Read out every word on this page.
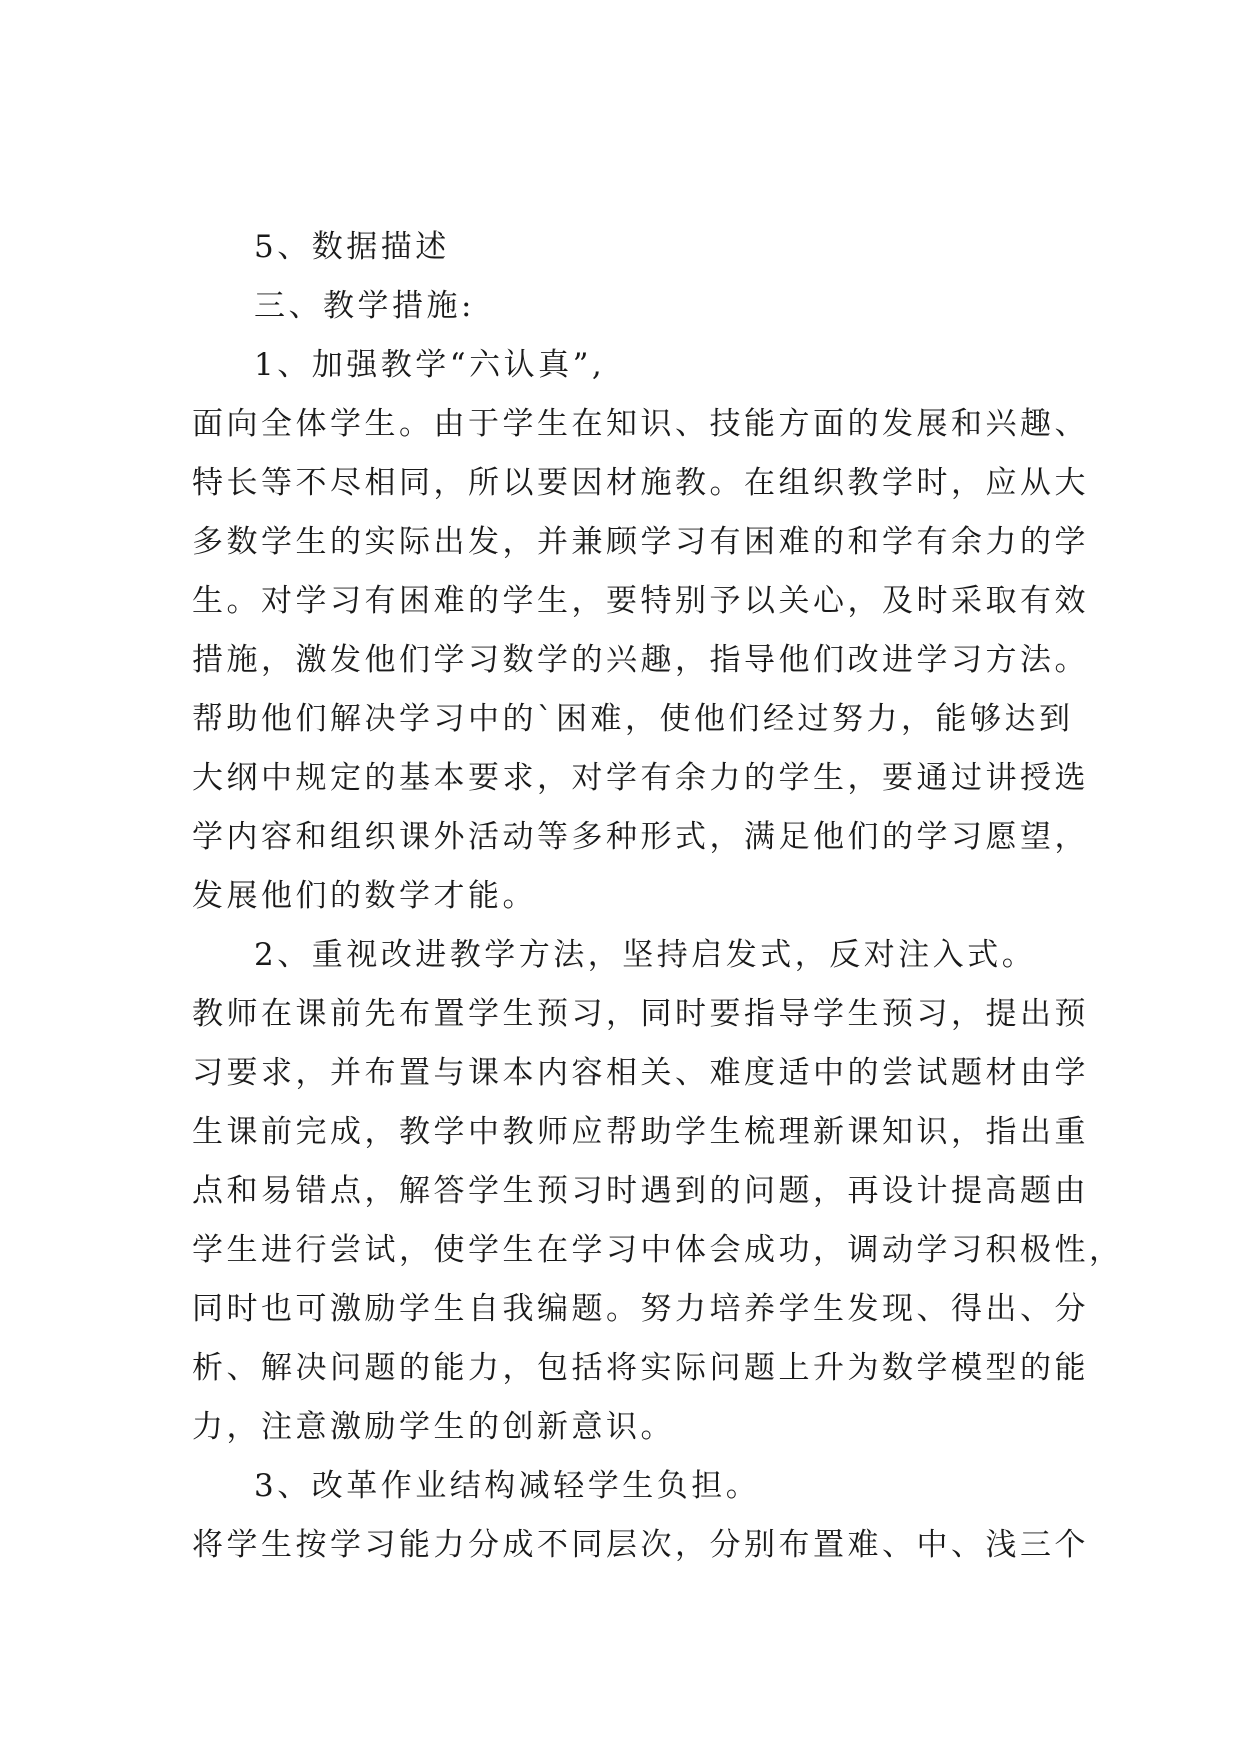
5、数据描述
三、教学措施:
1、加强教学“六认真”,
面向全体学生。由于学生在知识、技能方面的发展和兴趣、
特长等不尽相同，所以要因材施教。在组织教学时，应从大
多数学生的实际出发，并兼顾学习有困难的和学有余力的学
生。对学习有困难的学生，要特别予以关心，及时采取有效
措施，激发他们学习数学的兴趣，指导他们改进学习方法。
帮助他们解决学习中的`困难，使他们经过努力，能够达到
大纲中规定的基本要求，对学有余力的学生，要通过讲授选
学内容和组织课外活动等多种形式，满足他们的学习愿望，
发展他们的数学才能。
2、重视改进教学方法，坚持启发式，反对注入式。
教师在课前先布置学生预习，同时要指导学生预习，提出预
习要求，并布置与课本内容相关、难度适中的尝试题材由学
生课前完成，教学中教师应帮助学生梳理新课知识，指出重
点和易错点，解答学生预习时遇到的问题，再设计提高题由
学生进行尝试，使学生在学习中体会成功，调动学习积极性，
同时也可激励学生自我编题。努力培养学生发现、得出、分
析、解决问题的能力，包括将实际问题上升为数学模型的能
力，注意激励学生的创新意识。
3、改革作业结构减轻学生负担。
将学生按学习能力分成不同层次，分别布置难、中、浅三个
